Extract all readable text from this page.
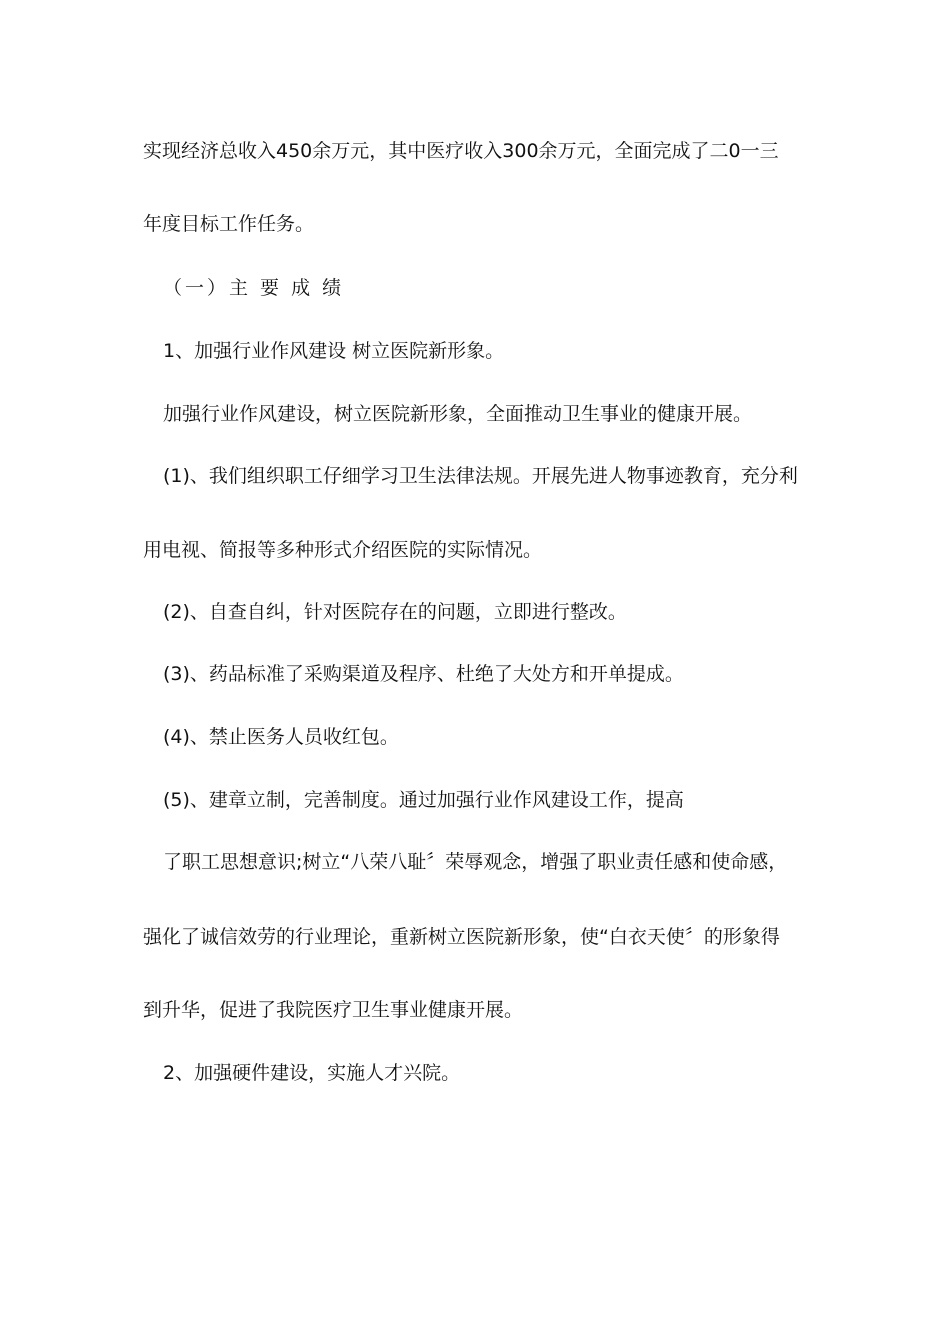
实现经济总收入450余万元，其中医疗收入300余万元，全面完成了二0一三
年度目标工作任务。
（一）主 要 成 绩
1、加强行业作风建设 树立医院新形象。
加强行业作风建设，树立医院新形象，全面推动卫生事业的健康开展。
(1)、我们组织职工仔细学习卫生法律法规。开展先进人物事迹教育，充分利
用电视、简报等多种形式介绍医院的实际情况。
(2)、自查自纠，针对医院存在的问题，立即进行整改。
(3)、药品标准了采购渠道及程序、杜绝了大处方和开单提成。
(4)、禁止医务人员收红包。
(5)、建章立制，完善制度。通过加强行业作风建设工作，提高
了职工思想意识;树立“八荣八耻〞荣辱观念，增强了职业责任感和使命感，
强化了诚信效劳的行业理论，重新树立医院新形象，使“白衣天使〞的形象得
到升华，促进了我院医疗卫生事业健康开展。
2、加强硬件建设，实施人才兴院。
